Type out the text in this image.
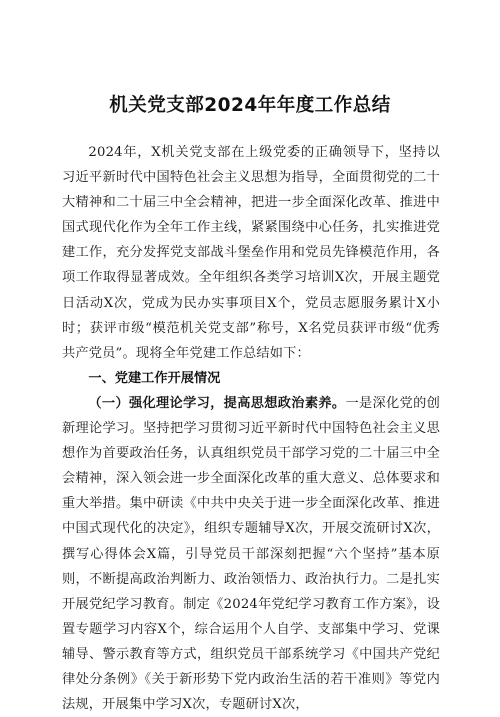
机关党支部2024年年度工作总结

2024年，X机关党支部在上级党委的正确领导下，坚持以习近平新时代中国特色社会主义思想为指导，全面贯彻党的二十大精神和二十届三中全会精神，把进一步全面深化改革、推进中国式现代化作为全年工作主线，紧紧围绕中心任务，扎实推进党建工作，充分发挥党支部战斗堡垒作用和党员先锋模范作用，各项工作取得显著成效。全年组织各类学习培训X次，开展主题党日活动X次，党成为民办实事项目X个，党员志愿服务累计X小时；获评市级“模范机关党支部”称号，X名党员获评市级“优秀共产党员”。现将全年党建工作总结如下：

一、党建工作开展情况

（一）强化理论学习，提高思想政治素养。一是深化党的创新理论学习。坚持把学习贯彻习近平新时代中国特色社会主义思想作为首要政治任务，认真组织党员干部学习党的二十届三中全会精神，深入领会进一步全面深化改革的重大意义、总体要求和重大举措。集中研读《中共中央关于进一步全面深化改革、推进中国式现代化的决定》，组织专题辅导X次，开展交流研讨X次，撰写心得体会X篇，引导党员干部深刻把握“六个坚持”基本原则，不断提高政治判断力、政治领悟力、政治执行力。二是扎实开展党纪学习教育。制定《2024年党纪学习教育工作方案》，设置专题学习内容X个，综合运用个人自学、支部集中学习、党课辅导、警示教育等方式，组织党员干部系统学习《中国共产党纪律处分条例》《关于新形势下党内政治生活的若干准则》等党内法规，开展集中学习X次，专题研讨X次，
